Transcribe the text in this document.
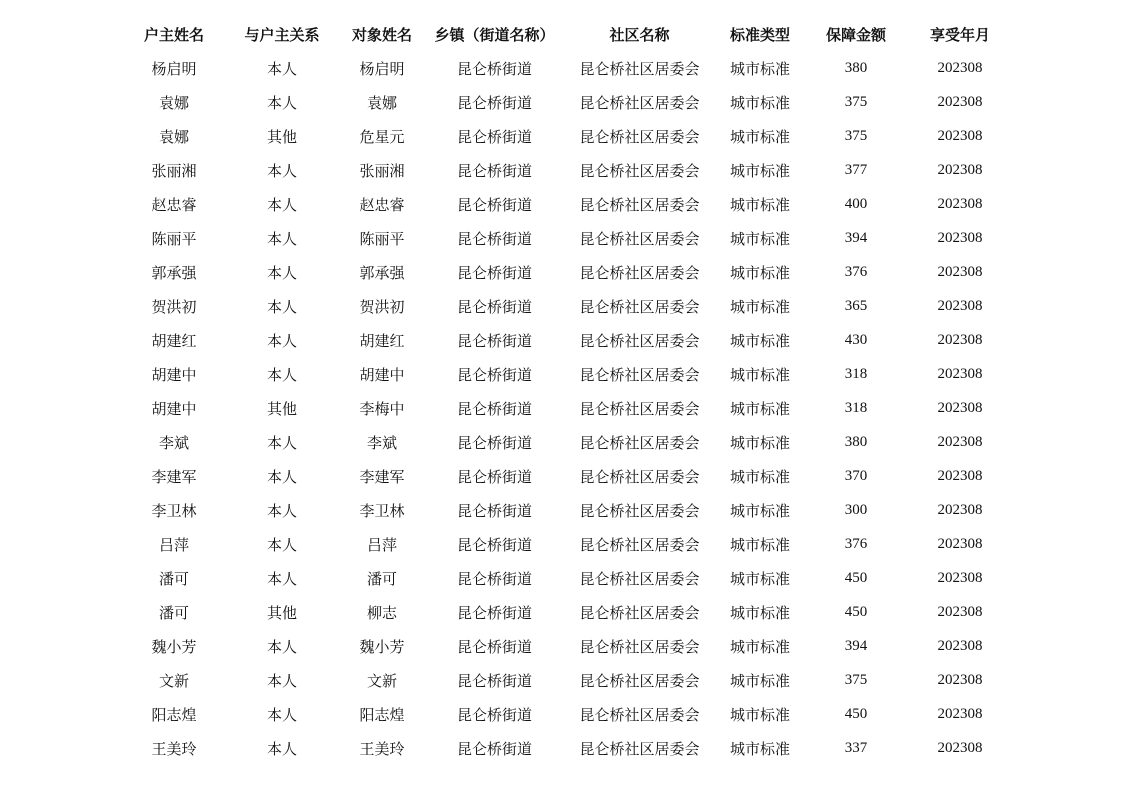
户主姓名	与户主关系	对象姓名	乡镇（街道名称）	社区名称	标准类型	保障金额	享受年月
杨启明	本人	杨启明	昆仑桥街道	昆仑桥社区居委会	城市标准	380	202308
袁娜	本人	袁娜	昆仑桥街道	昆仑桥社区居委会	城市标准	375	202308
袁娜	其他	危星元	昆仑桥街道	昆仑桥社区居委会	城市标准	375	202308
张丽湘	本人	张丽湘	昆仑桥街道	昆仑桥社区居委会	城市标准	377	202308
赵忠睿	本人	赵忠睿	昆仑桥街道	昆仑桥社区居委会	城市标准	400	202308
陈丽平	本人	陈丽平	昆仑桥街道	昆仑桥社区居委会	城市标准	394	202308
郭承强	本人	郭承强	昆仑桥街道	昆仑桥社区居委会	城市标准	376	202308
贺洪初	本人	贺洪初	昆仑桥街道	昆仑桥社区居委会	城市标准	365	202308
胡建红	本人	胡建红	昆仑桥街道	昆仑桥社区居委会	城市标准	430	202308
胡建中	本人	胡建中	昆仑桥街道	昆仑桥社区居委会	城市标准	318	202308
胡建中	其他	李梅中	昆仑桥街道	昆仑桥社区居委会	城市标准	318	202308
李斌	本人	李斌	昆仑桥街道	昆仑桥社区居委会	城市标准	380	202308
李建军	本人	李建军	昆仑桥街道	昆仑桥社区居委会	城市标准	370	202308
李卫林	本人	李卫林	昆仑桥街道	昆仑桥社区居委会	城市标准	300	202308
吕萍	本人	吕萍	昆仑桥街道	昆仑桥社区居委会	城市标准	376	202308
潘可	本人	潘可	昆仑桥街道	昆仑桥社区居委会	城市标准	450	202308
潘可	其他	柳志	昆仑桥街道	昆仑桥社区居委会	城市标准	450	202308
魏小芳	本人	魏小芳	昆仑桥街道	昆仑桥社区居委会	城市标准	394	202308
文新	本人	文新	昆仑桥街道	昆仑桥社区居委会	城市标准	375	202308
阳志煌	本人	阳志煌	昆仑桥街道	昆仑桥社区居委会	城市标准	450	202308
王美玲	本人	王美玲	昆仑桥街道	昆仑桥社区居委会	城市标准	337	202308
